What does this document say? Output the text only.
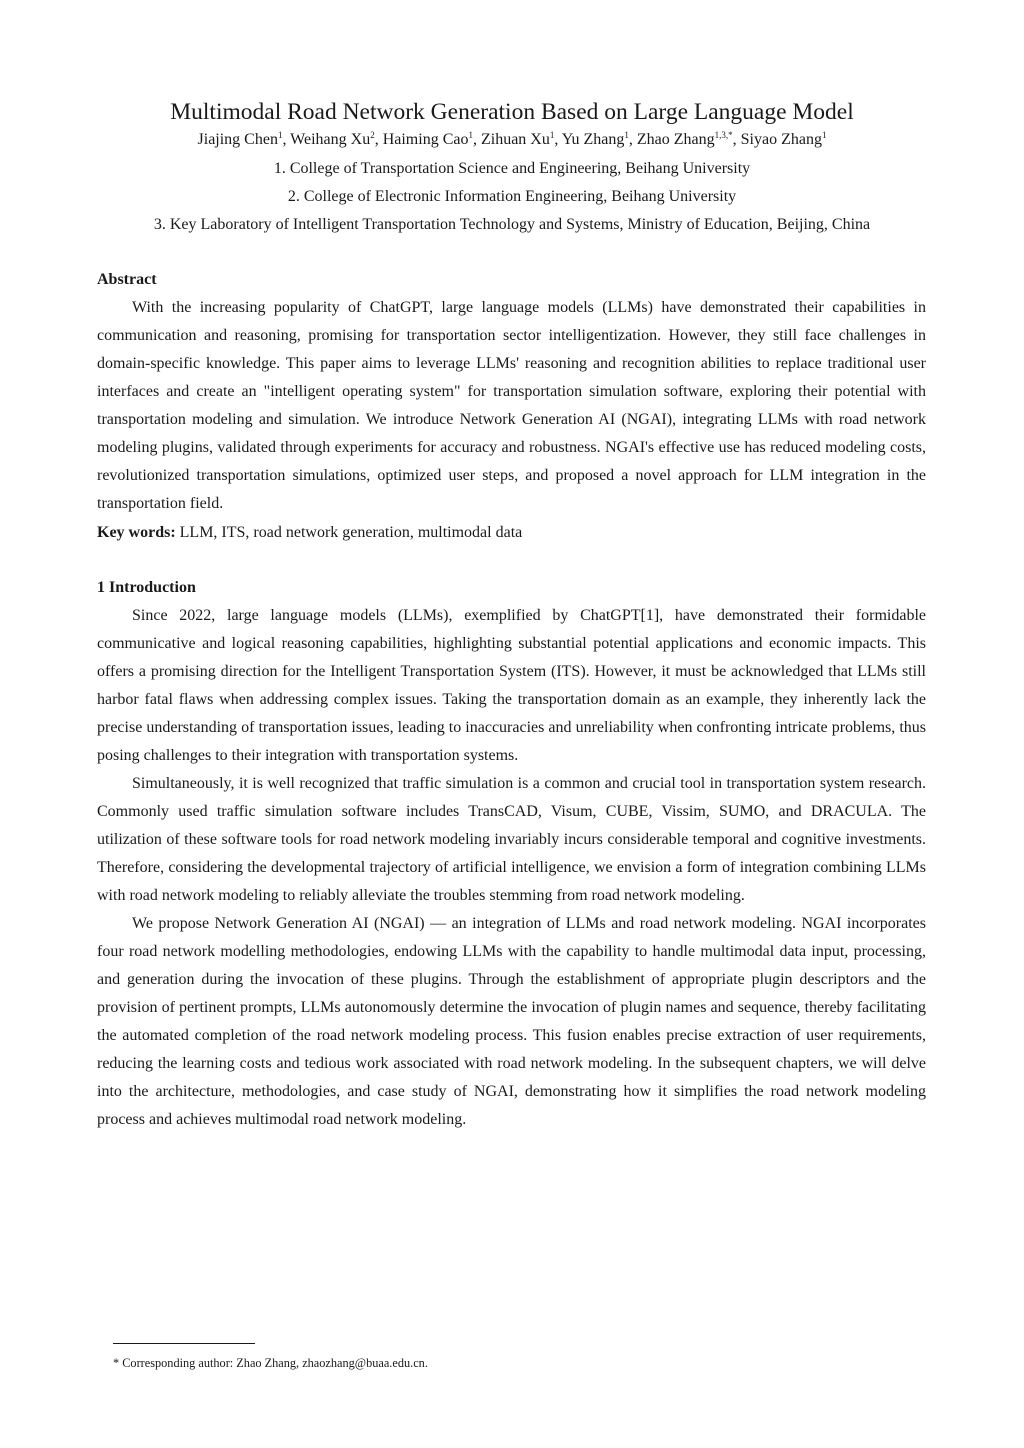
Multimodal Road Network Generation Based on Large Language Model

Jiajing Chen$^1$, Weihang Xu$^2$, Haiming Cao$^1$, Zihuan Xu$^1$, Yu Zhang$^1$, Zhao Zhang$^{1,3,*}$, Siyao Zhang$^1$

1. College of Transportation Science and Engineering, Beihang University

2. College of Electronic Information Engineering, Beihang University

3. Key Laboratory of Intelligent Transportation Technology and Systems, Ministry of Education, Beijing, China

Abstract

With the increasing popularity of ChatGPT, large language models (LLMs) have demonstrated their capabilities in communication and reasoning, promising for transportation sector intelligentization. However, they still face challenges in domain-specific knowledge. This paper aims to leverage LLMs' reasoning and recognition abilities to replace traditional user interfaces and create an "intelligent operating system" for transportation simulation software, exploring their potential with transportation modeling and simulation. We introduce Network Generation AI (NGAI), integrating LLMs with road network modeling plugins, validated through experiments for accuracy and robustness. NGAI's effective use has reduced modeling costs, revolutionized transportation simulations, optimized user steps, and proposed a novel approach for LLM integration in the transportation field.

Key words: LLM, ITS, road network generation, multimodal data

1 Introduction

Since 2022, large language models (LLMs), exemplified by ChatGPT[1], have demonstrated their formidable communicative and logical reasoning capabilities, highlighting substantial potential applications and economic impacts. This offers a promising direction for the Intelligent Transportation System (ITS). However, it must be acknowledged that LLMs still harbor fatal flaws when addressing complex issues. Taking the transportation domain as an example, they inherently lack the precise understanding of transportation issues, leading to inaccuracies and unreliability when confronting intricate problems, thus posing challenges to their integration with transportation systems.

Simultaneously, it is well recognized that traffic simulation is a common and crucial tool in transportation system research. Commonly used traffic simulation software includes TransCAD, Visum, CUBE, Vissim, SUMO, and DRACULA. The utilization of these software tools for road network modeling invariably incurs considerable temporal and cognitive investments. Therefore, considering the developmental trajectory of artificial intelligence, we envision a form of integration combining LLMs with road network modeling to reliably alleviate the troubles stemming from road network modeling.

We propose Network Generation AI (NGAI) — an integration of LLMs and road network modeling. NGAI incorporates four road network modelling methodologies, endowing LLMs with the capability to handle multimodal data input, processing, and generation during the invocation of these plugins. Through the establishment of appropriate plugin descriptors and the provision of pertinent prompts, LLMs autonomously determine the invocation of plugin names and sequence, thereby facilitating the automated completion of the road network modeling process. This fusion enables precise extraction of user requirements, reducing the learning costs and tedious work associated with road network modeling. In the subsequent chapters, we will delve into the architecture, methodologies, and case study of NGAI, demonstrating how it simplifies the road network modeling process and achieves multimodal road network modeling.

* Corresponding author: Zhao Zhang, zhaozhang@buaa.edu.cn.
